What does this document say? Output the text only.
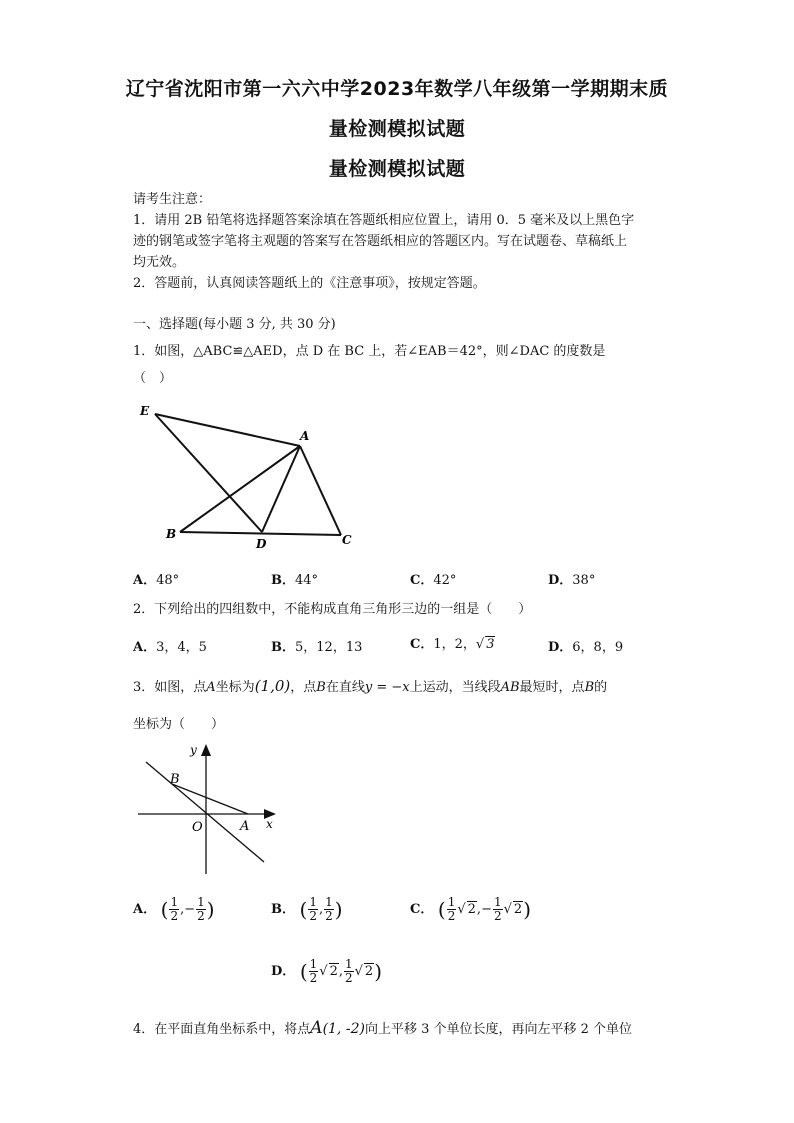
辽宁省沈阳市第一六六中学2023年数学八年级第一学期期末质
量检测模拟试题
量检测模拟试题
请考生注意：
1．请用 2B 铅笔将选择题答案涂填在答题纸相应位置上，请用 0．5 毫米及以上黑色字
迹的钢笔或签字笔将主观题的答案写在答题纸相应的答题区内。写在试题卷、草稿纸上
均无效。
2．答题前，认真阅读答题纸上的《注意事项》，按规定答题。
一、选择题(每小题 3 分, 共 30 分)
1．如图，△ABC≌△AED，点 D 在 BC 上，若∠EAB＝42°，则∠DAC 的度数是
（　）
E
A
B
D	C
A．48°	B．44°	C．42°	D．38°
2．下列给出的四组数中，不能构成直角三角形三边的一组是（　　）
A．3，4，5	B．5，12，13	C．1，2，√ 3	D．6，8，9
3．如图，点A坐标为(1,0)，点B在直线y = −x上运动，当线段AB最短时，点B的
坐标为（　　）
y
x
O	A
B
A． ( $\frac{1}{2}$ ,− $\frac{1}{2}$ )	B． ( $\frac{1}{2}$ , $\frac{1}{2}$ )	C． ( $\frac{1}{2}$ √ $2,- \frac{1}{2}$ √ 2)
D． ( $\frac{1}{2}$ √ 2, $\frac{1}{2}$ √ 2)
4．在平面直角坐标系中，将点A(1, -2)向上平移 3 个单位长度，再向左平移 2 个单位
